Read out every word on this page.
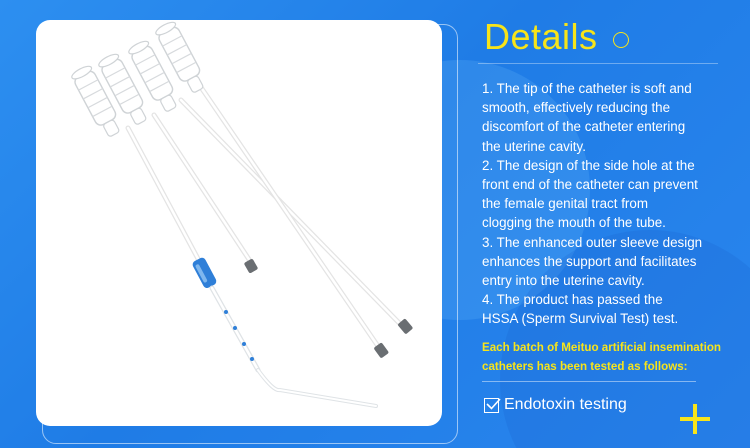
Details

1. The tip of the catheter is soft and

smooth, effectively reducing the

discomfort of the catheter entering

the uterine cavity.

2. The design of the side hole at the

front end of the catheter can prevent

the female genital tract from

clogging the mouth of the tube.

3. The enhanced outer sleeve design

enhances the support and facilitates

entry into the uterine cavity.

4. The product has passed the

HSSA (Sperm Survival Test) test.

Each batch of Meituo artificial insemination

catheters has been tested as follows:

Endotoxin testing
